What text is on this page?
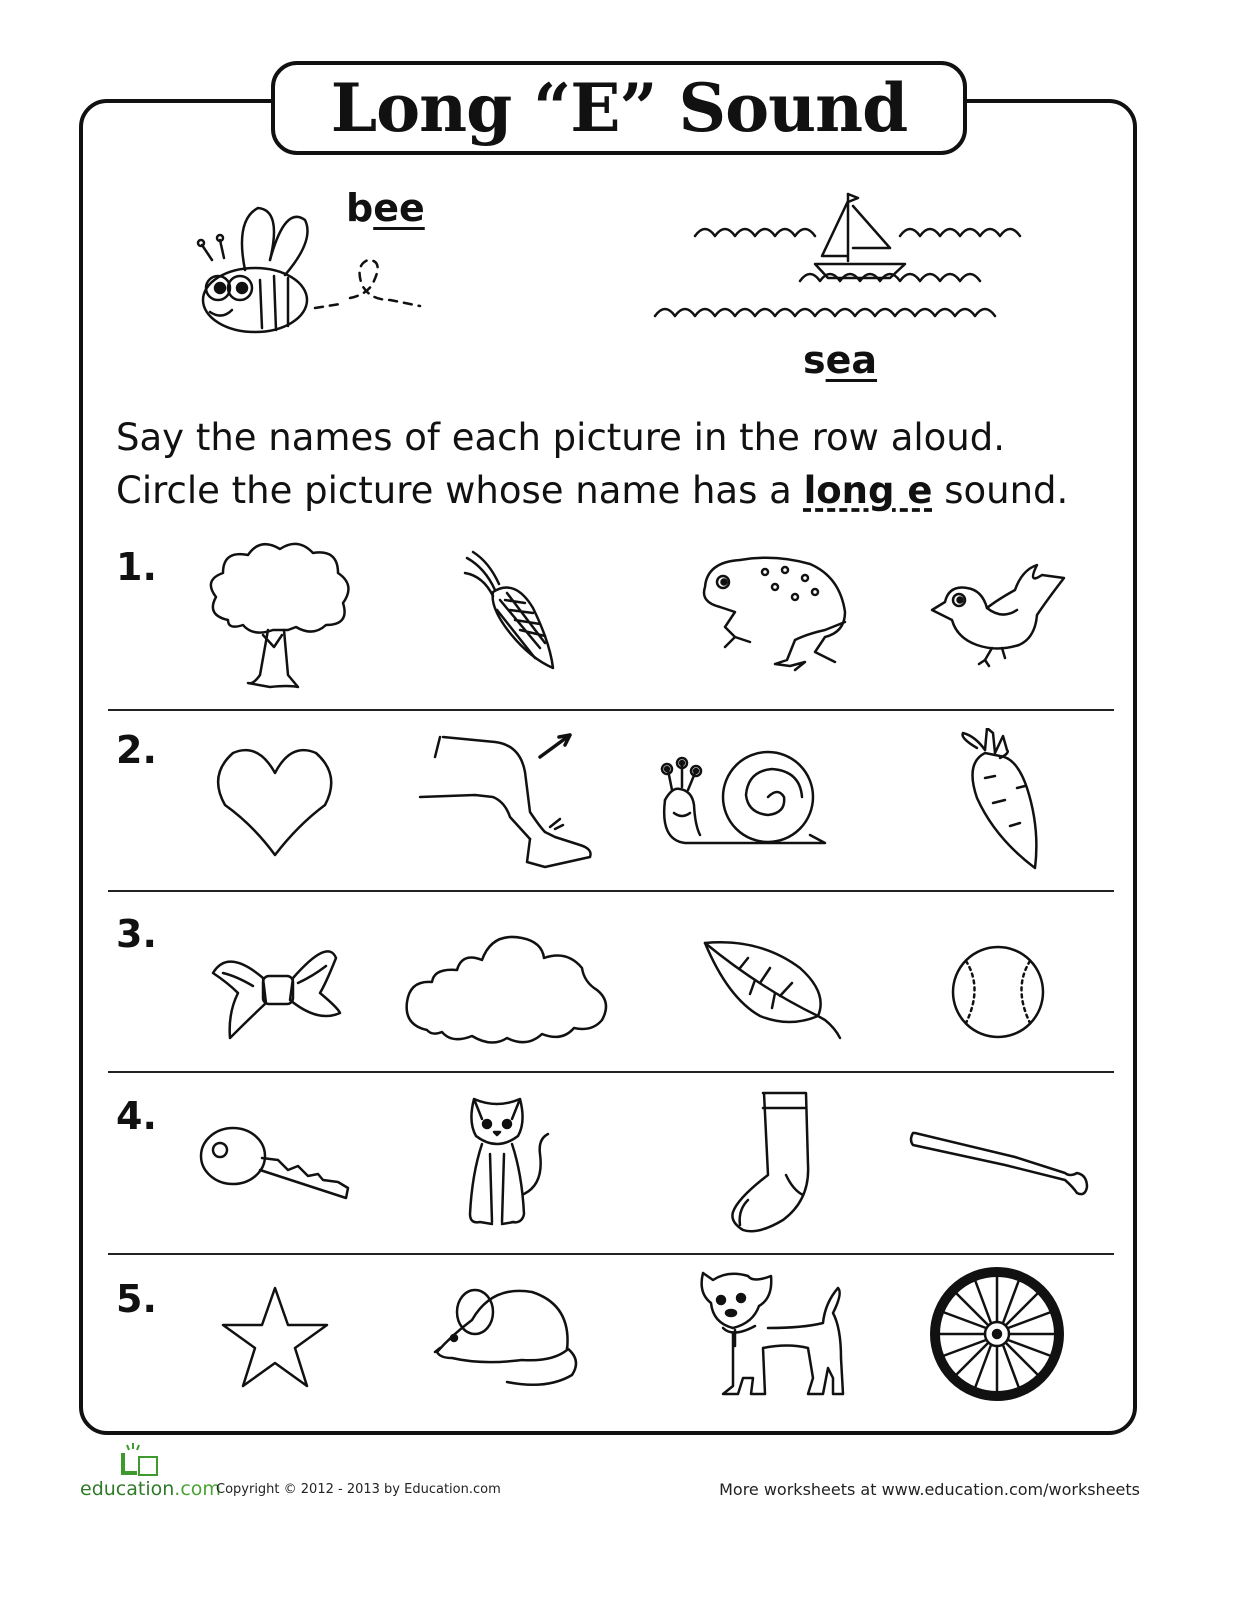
Long “E” Sound
bee
sea
Say the names of each picture in the row aloud. Circle the picture whose name has a long e sound.
1.
2.
3.
4.
5.
education.com
Copyright © 2012 - 2013 by Education.com	More worksheets at www.education.com/worksheets
